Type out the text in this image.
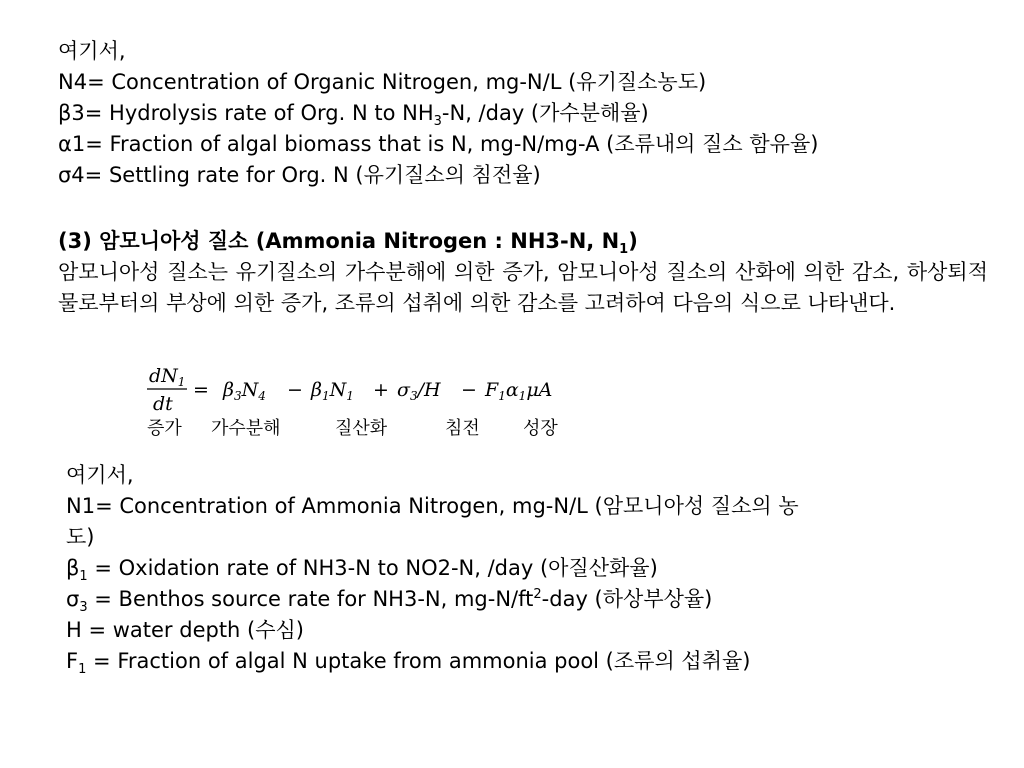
여기서,
N4= Concentration of Organic Nitrogen, mg-N/L (유기질소농도)
β3= Hydrolysis rate of Org. N to $NH_3-N$, /day (가수분해율)
α1= Fraction of algal biomass that is N, mg-N/mg-A (조류내의 질소 함유율)
σ4= Settling rate for Org. N (유기질소의 침전율)
(3) 암모니아성 질소 (Ammonia Nitrogen : NH3-N, $N_1$)
암모니아성 질소는 유기질소의 가수분해에 의한 증가, 암모니아성 질소의 산화에 의한 감소, 하상퇴적물로부터의 부상에 의한 증가, 조류의 섭취에 의한 감소를 고려하여 다음의 식으로 나타낸다.
$dN_1$
dt
= $\beta_3N_4 - \beta_1N_1 + \sigma_3/H - F_1\alpha_1\mu A$
증가 가수분해	질산화	침전 성장
여기서,
N1= Concentration of Ammonia Nitrogen, mg-N/L (암모니아성 질소의 농
도)
$\beta_1$ = Oxidation rate of NH3-N to NO2-N, /day (아질산화율)
$\sigma_3$ = Benthos source rate for NH3-N, $mg-N/ft^2$-day (하상부상율)
H = water depth (수심)
$F_1$ = Fraction of algal N uptake from ammonia pool (조류의 섭취율)
